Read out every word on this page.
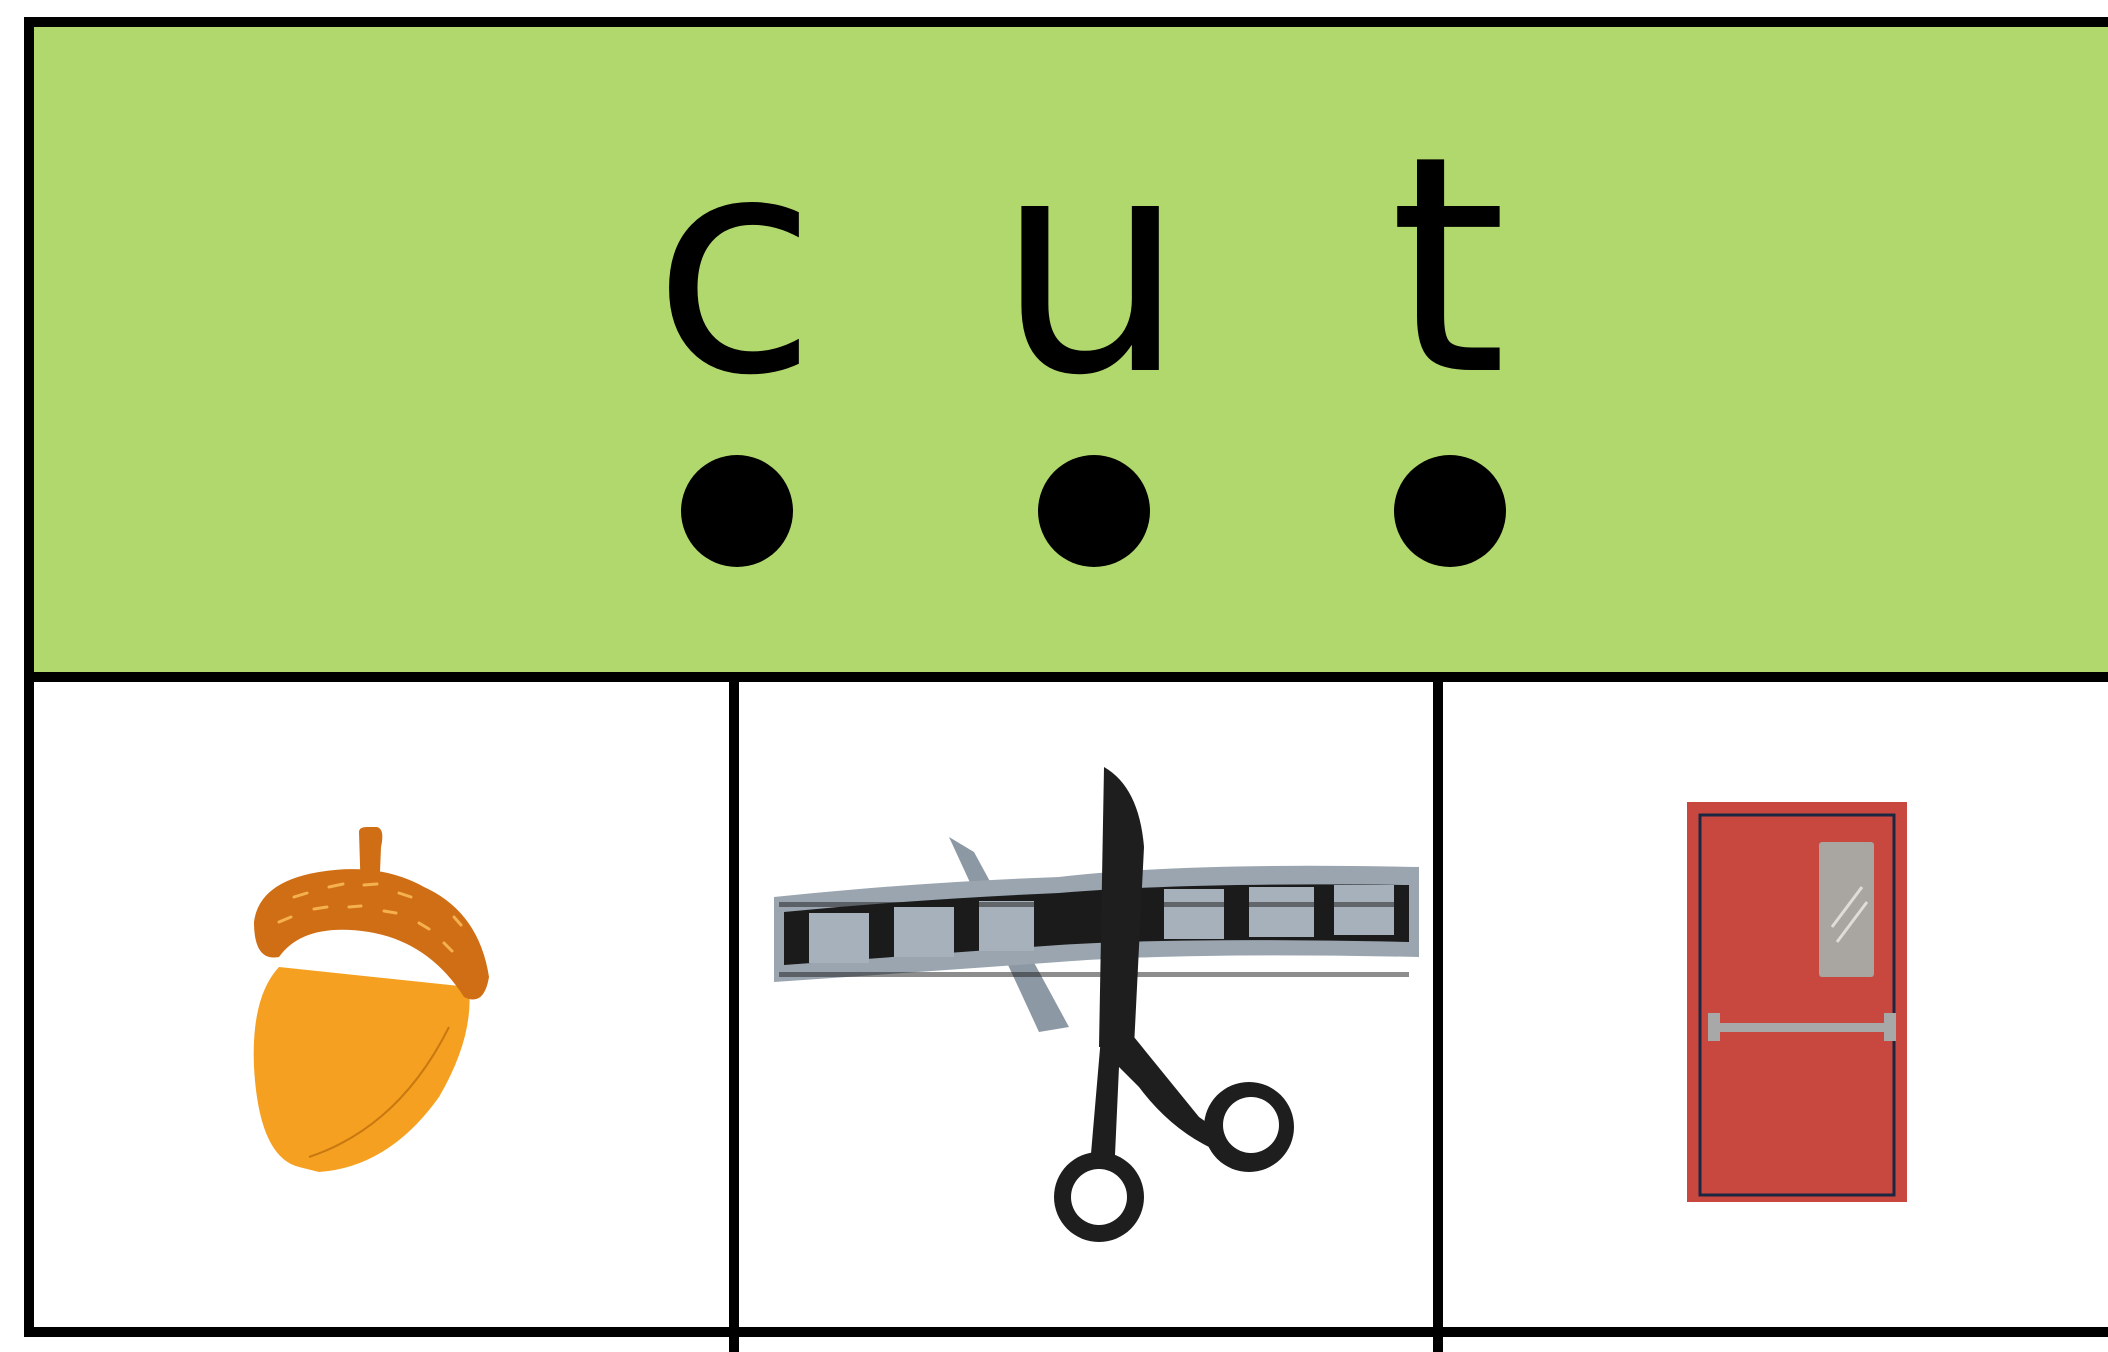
c u t
